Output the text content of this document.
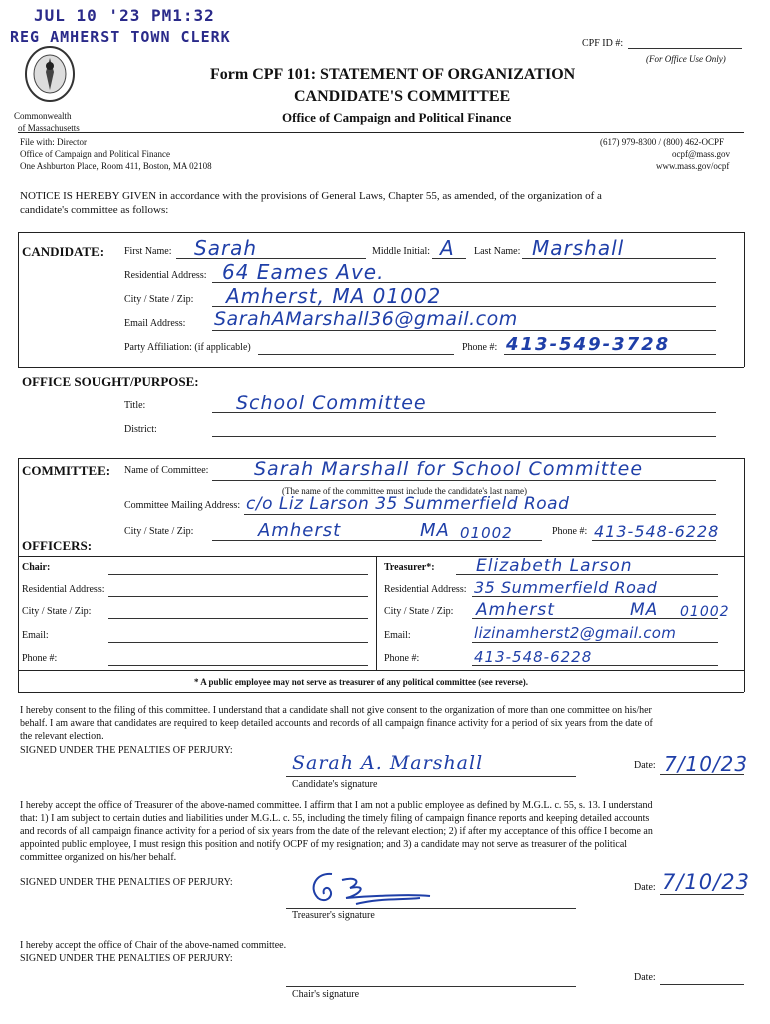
JUL 10 '23 PM1:32
REG AMHERST TOWN CLERK
Commonwealth
of Massachusetts
CPF ID #:
(For Office Use Only)
Form CPF 101: STATEMENT OF ORGANIZATION
CANDIDATE'S COMMITTEE
Office of Campaign and Political Finance
File with: Director
Office of Campaign and Political Finance
One Ashburton Place, Room 411, Boston, MA 02108
(617) 979-8300 / (800) 462-OCPF
ocpf@mass.gov
www.mass.gov/ocpf
NOTICE IS HEREBY GIVEN in accordance with the provisions of General Laws, Chapter 55, as amended, of the organization of a
candidate's committee as follows:
CANDIDATE: First Name: Sarah	Middle Initial: A Last Name: Marshall
Residential Address: 64 Eames Ave.
City / State / Zip: Amherst, MA 01002
Email Address: SarahAMarshall36@gmail.com
Party Affiliation: (if applicable)	Phone #: 413-549-3728
OFFICE SOUGHT/PURPOSE:
Title:	School Committee
District:
COMMITTEE: Name of Committee: Sarah Marshall for School Committee
(The name of the committee must include the candidate's last name)
Committee Mailing Address: c/o Liz Larson 35 Summerfield Road
City / State / Zip:	Amherst	MA 01002	Phone #: 413-548-6228
OFFICERS:
Chair:	Treasurer*: Elizabeth Larson
Residential Address:	Residential Address: 35 Summerfield Road
City / State / Zip:	City / State / Zip: Amherst	MA 01002
Email:	Email:	lizinamherst2@gmail.com
Phone #:	Phone #:	413-548-6228
* A public employee may not serve as treasurer of any political committee (see reverse).
I hereby consent to the filing of this committee. I understand that a candidate shall not give consent to the organization of more than one committee on his/her
behalf. I am aware that candidates are required to keep detailed accounts and records of all campaign finance activity for a period of six years from the date of
the relevant election.
SIGNED UNDER THE PENALTIES OF PERJURY:
Sarah A. Marshall
Candidate's signature
Date: 7/10/23
I hereby accept the office of Treasurer of the above-named committee. I affirm that I am not a public employee as defined by M.G.L. c. 55, s. 13. I understand
that: 1) I am subject to certain duties and liabilities under M.G.L. c. 55, including the timely filing of campaign finance reports and keeping detailed accounts
and records of all campaign finance activity for a period of six years from the date of the relevant election; 2) if after my acceptance of this office I become an
appointed public employee, I must resign this position and notify OCPF of my resignation; and 3) a candidate may not serve as treasurer of the political
committee organized on his/her behalf.
SIGNED UNDER THE PENALTIES OF PERJURY:
Treasurer's signature
Date: 7/10/23
I hereby accept the office of Chair of the above-named committee.
SIGNED UNDER THE PENALTIES OF PERJURY:
Chair's signature
Date:
